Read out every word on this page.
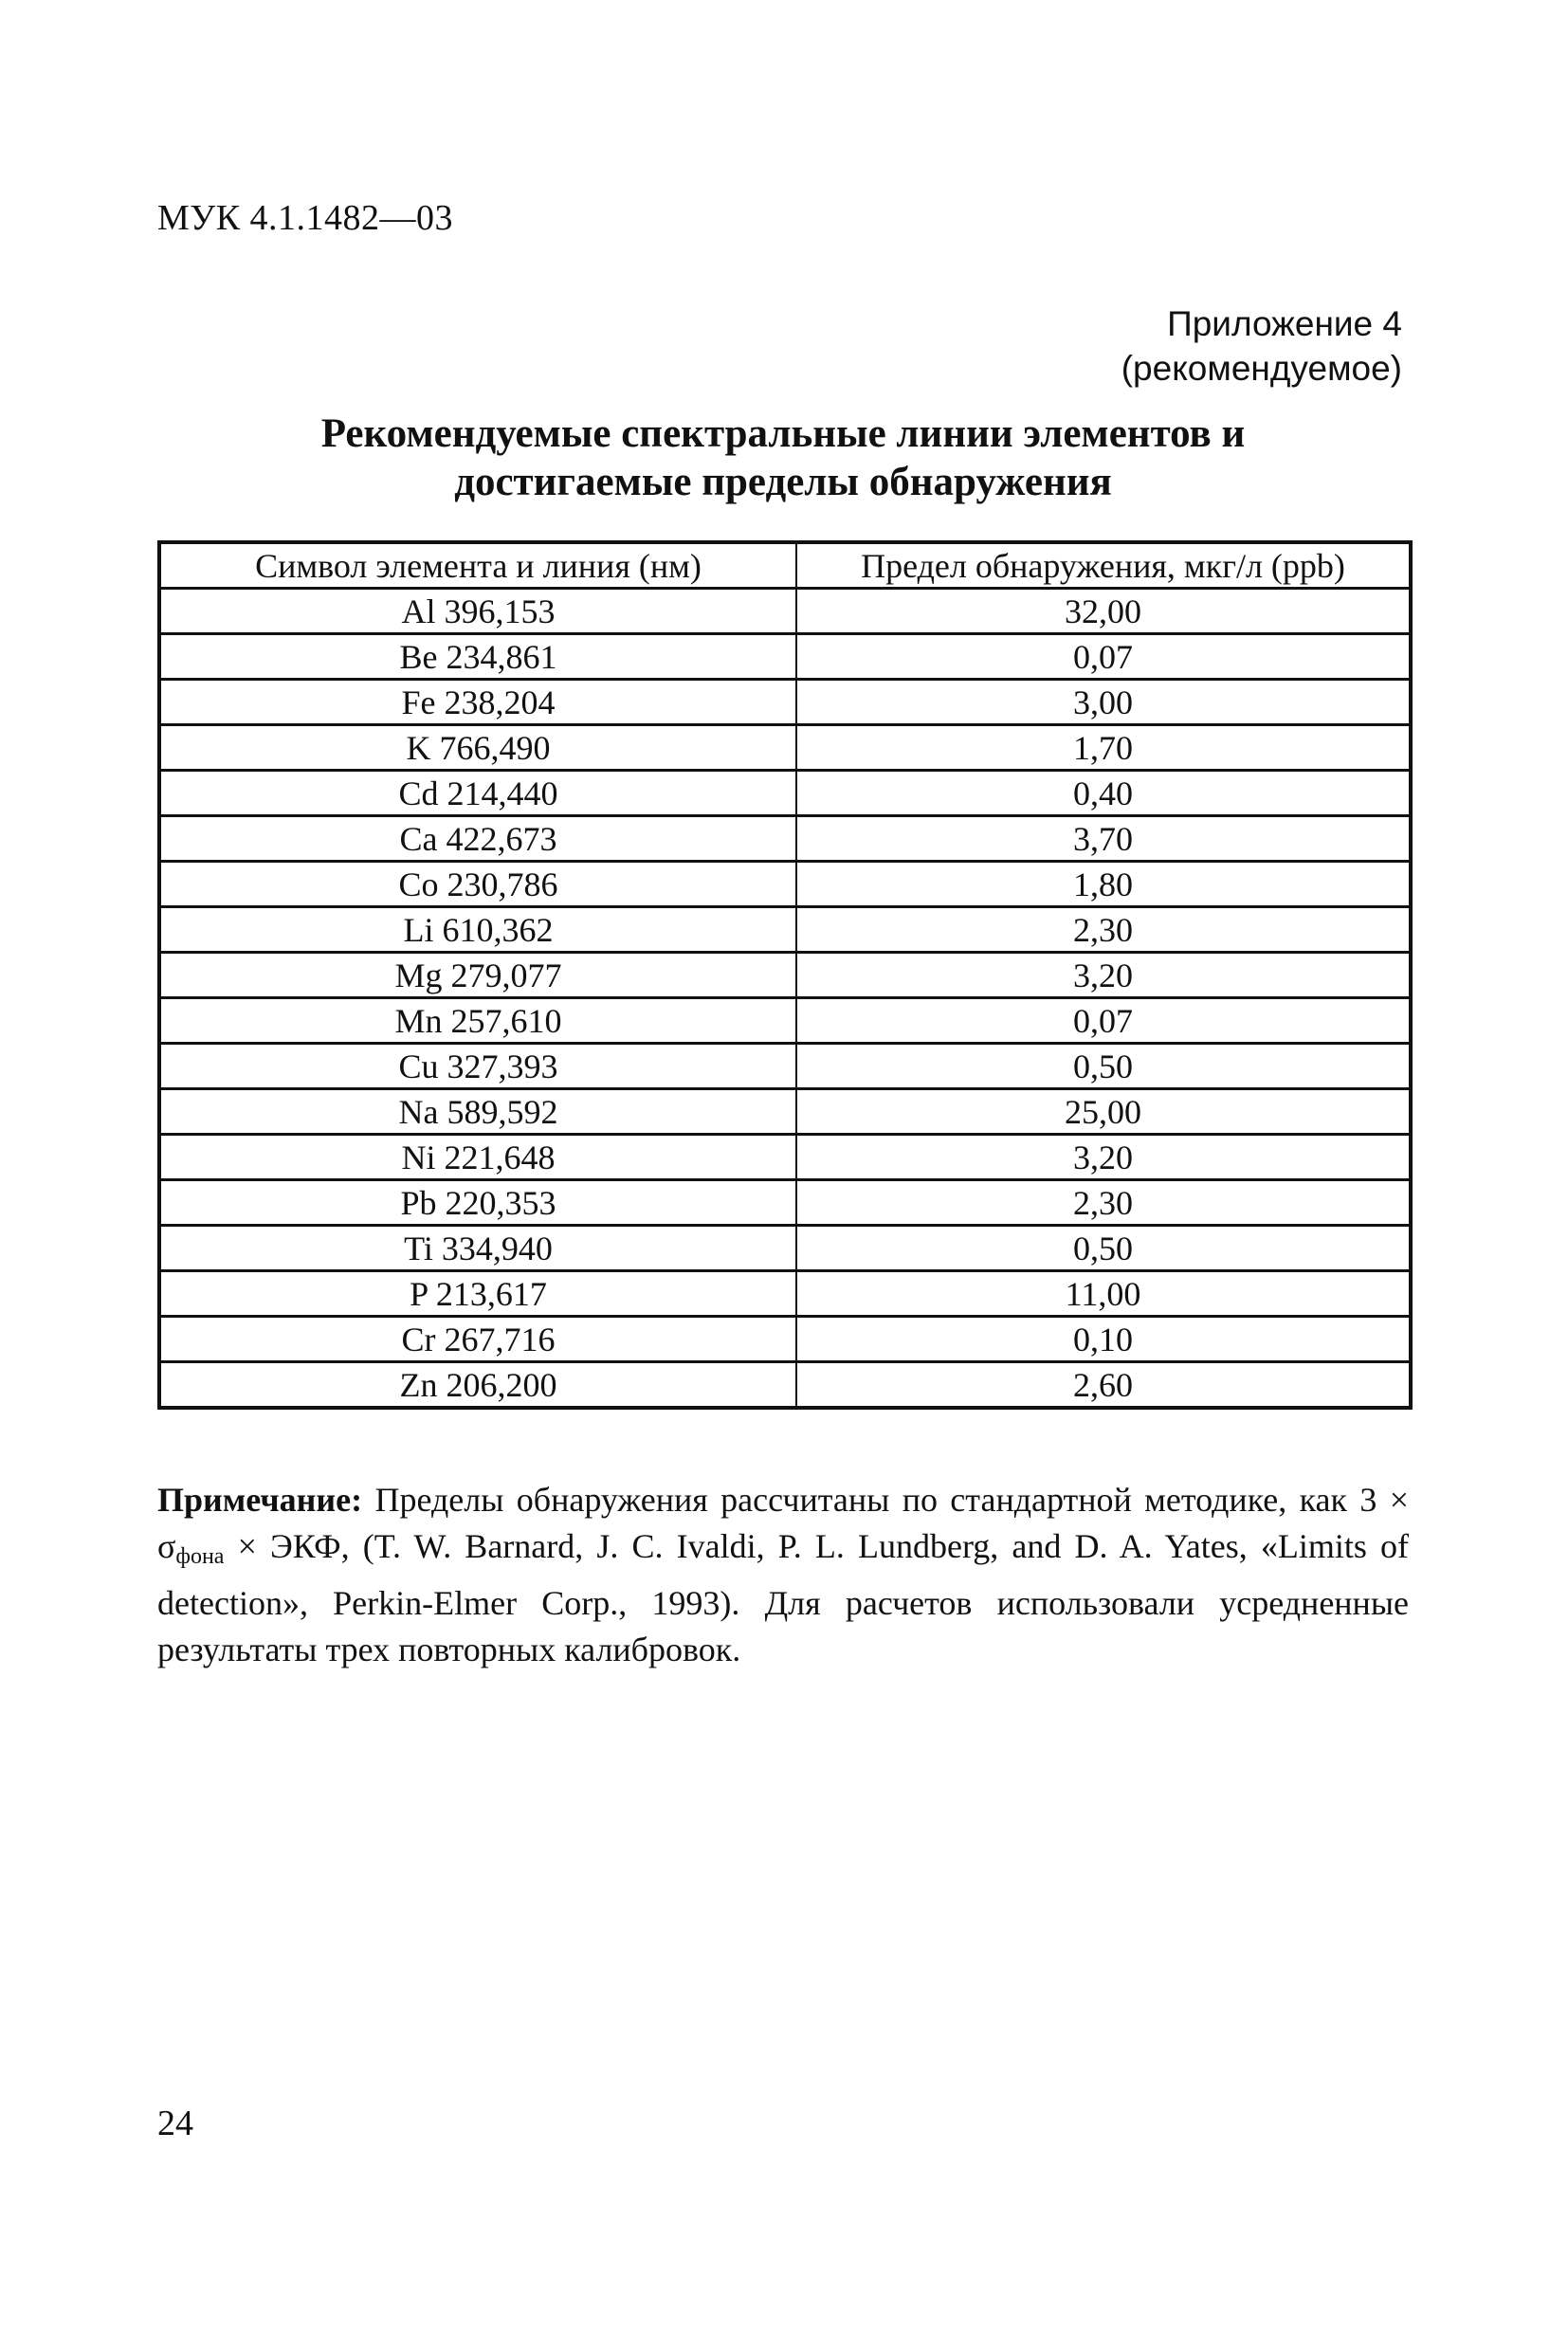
МУК 4.1.1482—03
Приложение 4
(рекомендуемое)
Рекомендуемые спектральные линии элементов и
достигаемые пределы обнаружения
Символ элемента и линия (нм)	Предел обнаружения, мкг/л (ppb)
Al 396,153	32,00
Be 234,861	0,07
Fe 238,204	3,00
K 766,490	1,70
Cd 214,440	0,40
Ca 422,673	3,70
Co 230,786	1,80
Li 610,362	2,30
Mg 279,077	3,20
Mn 257,610	0,07
Cu 327,393	0,50
Na 589,592	25,00
Ni 221,648	3,20
Pb 220,353	2,30
Ti 334,940	0,50
P 213,617	11,00
Cr 267,716	0,10
Zn 206,200	2,60
Примечание: Пределы обнаружения рассчитаны по стандартной методике, как $3 \times \sigma_{фона}$ × ЭКФ, (T. W. Barnard, J. C. Ivaldi, P. L. Lundberg, and D. A. Yates, «Limits of detection», Perkin-Elmer Corp., 1993). Для расчетов использовали усредненные результаты трех повторных калибровок.
24
